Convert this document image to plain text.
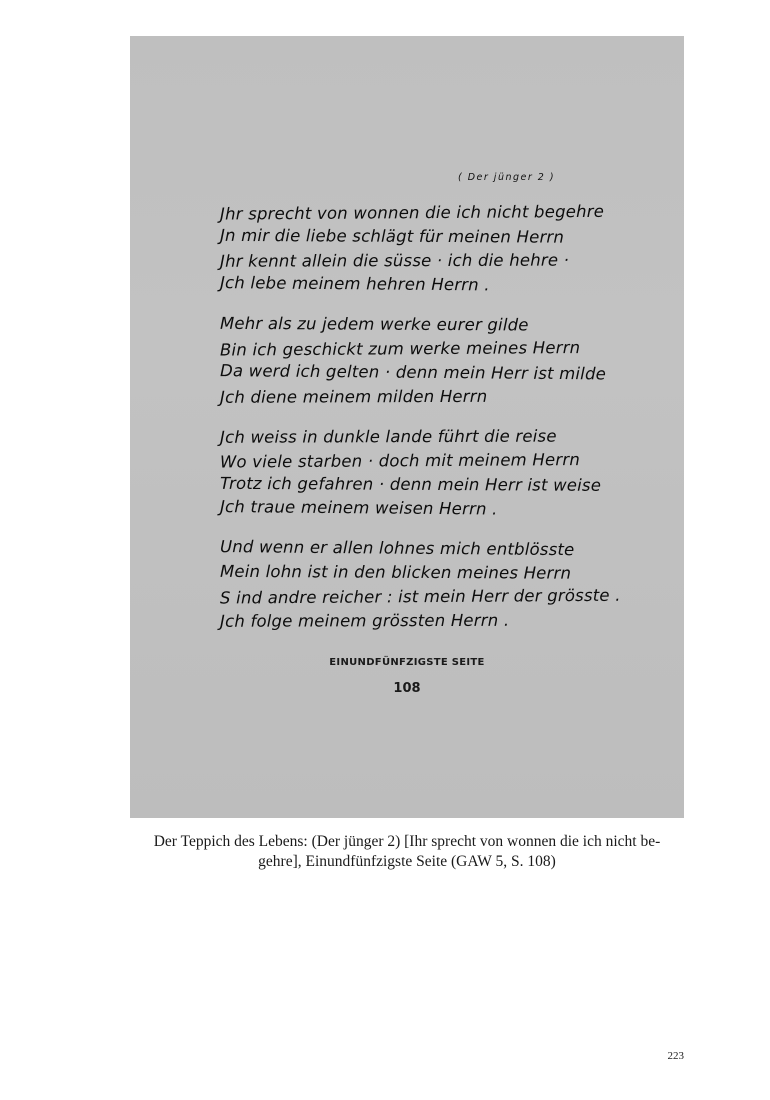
( Der jünger 2 )
Jhr sprecht von wonnen die ich nicht begehre
Jn mir die liebe schlägt für meinen Herrn
Jhr kennt allein die süsse · ich die hehre ·
Jch lebe meinem hehren Herrn .
Mehr als zu jedem werke eurer gilde
Bin ich geschickt zum werke meines Herrn
Da werd ich gelten · denn mein Herr ist milde
Jch diene meinem milden Herrn
Jch weiss in dunkle lande führt die reise
Wo viele starben · doch mit meinem Herrn
Trotz ich gefahren · denn mein Herr ist weise
Jch traue meinem weisen Herrn .
Und wenn er allen lohnes mich entblösste
Mein lohn ist in den blicken meines Herrn
S ind andre reicher : ist mein Herr der grösste .
Jch folge meinem grössten Herrn .
EINUNDFÜNFZIGSTE SEITE
108
Der Teppich des Lebens: (Der jünger 2) [Ihr sprecht von wonnen die ich nicht be-
gehre], Einundfünfzigste Seite (GAW 5, S. 108)
223
